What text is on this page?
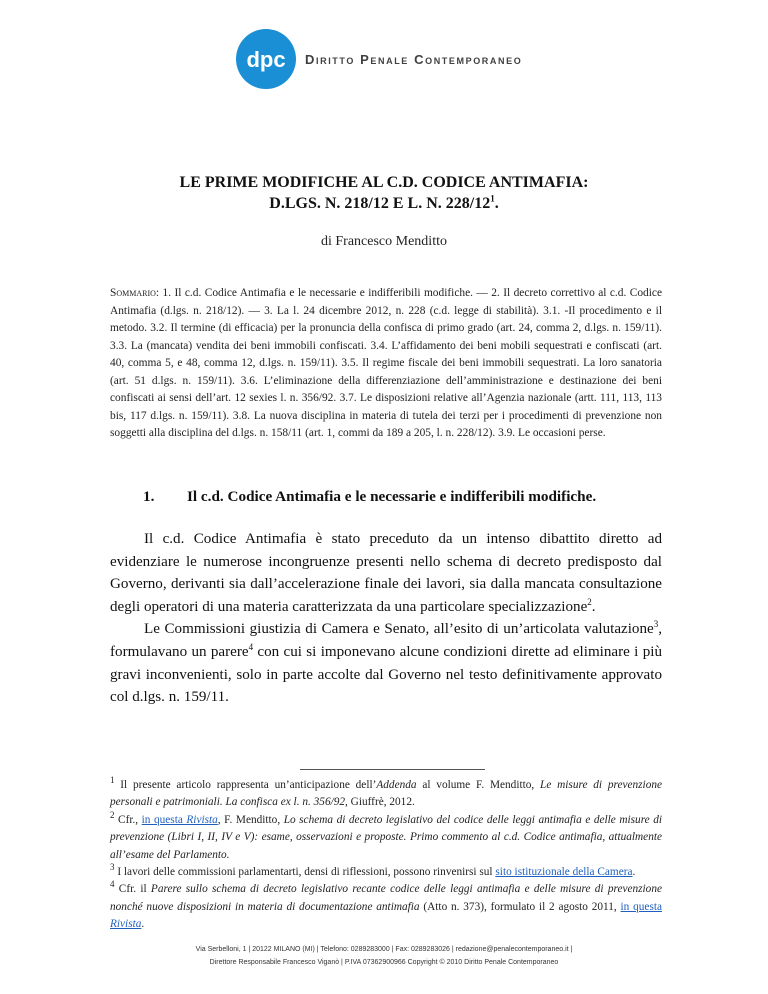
dpc Diritto Penale Contemporaneo
LE PRIME MODIFICHE AL C.D. CODICE ANTIMAFIA:
D.LGS. N. 218/12 E L. N. $228/12^1$.
di Francesco Menditto
Sommario: 1. Il c.d. Codice Antimafia e le necessarie e indifferibili modifiche. — 2. Il decreto correttivo al c.d. Codice Antimafia (d.lgs. n. 218/12). — 3. La l. 24 dicembre 2012, n. 228 (c.d. legge di stabilità). 3.1. -Il procedimento e il metodo. 3.2. Il termine (di efficacia) per la pronuncia della confisca di primo grado (art. 24, comma 2, d.lgs. n. 159/11). 3.3. La (mancata) vendita dei beni immobili confiscati. 3.4. L’affidamento dei beni mobili sequestrati e confiscati (art. 40, comma 5, e 48, comma 12, d.lgs. n. 159/11). 3.5. Il regime fiscale dei beni immobili sequestrati. La loro sanatoria (art. 51 d.lgs. n. 159/11). 3.6. L’eliminazione della differenziazione dell’amministrazione e destinazione dei beni confiscati ai sensi dell’art. 12 sexies l. n. 356/92. 3.7. Le disposizioni relative all’Agenzia nazionale (artt. 111, 113, 113 bis, 117 d.lgs. n. 159/11). 3.8. La nuova disciplina in materia di tutela dei terzi per i procedimenti di prevenzione non soggetti alla disciplina del d.lgs. n. 158/11 (art. 1, commi da 189 a 205, l. n. 228/12). 3.9. Le occasioni perse.
1. Il c.d. Codice Antimafia e le necessarie e indifferibili modifiche.

Il c.d. Codice Antimafia è stato preceduto da un intenso dibattito diretto ad evidenziare le numerose incongruenze presenti nello schema di decreto predisposto dal Governo, derivanti sia dall’accelerazione finale dei lavori, sia dalla mancata consultazione degli operatori di una materia caratterizzata da una particolare specializzazione$^2$.

Le Commissioni giustizia di Camera e Senato, all’esito di un’articolata valutazione$^3$, formulavano un parere$^4$ con cui si imponevano alcune condizioni dirette ad eliminare i più gravi inconvenienti, solo in parte accolte dal Governo nel testo definitivamente approvato col d.lgs. n. 159/11.

$^1$ Il presente articolo rappresenta un’anticipazione dell’Addenda al volume F. Menditto, Le misure di prevenzione personali e patrimoniali. La confisca ex l. n. 356/92, Giuffrè, 2012.

$^2$ Cfr., in questa Rivista, F. Menditto, Lo schema di decreto legislativo del codice delle leggi antimafia e delle misure di prevenzione (Libri I, II, IV e V): esame, osservazioni e proposte. Primo commento al c.d. Codice antimafia, attualmente all’esame del Parlamento.

$^3$ I lavori delle commissioni parlamentarti, densi di riflessioni, possono rinvenirsi sul sito istituzionale della Camera.

$^4$ Cfr. il Parere sullo schema di decreto legislativo recante codice delle leggi antimafia e delle misure di prevenzione nonché nuove disposizioni in materia di documentazione antimafia (Atto n. 373), formulato il 2 agosto 2011, in questa Rivista.

Via Serbelloni, 1 | 20122 MILANO (MI) | Telefono: 0289283000 | Fax: 0289283026 | redazione@penalecontemporaneo.it |
Direttore Responsabile Francesco Viganò | P.IVA 07362900966 Copyright © 2010 Diritto Penale Contemporaneo
